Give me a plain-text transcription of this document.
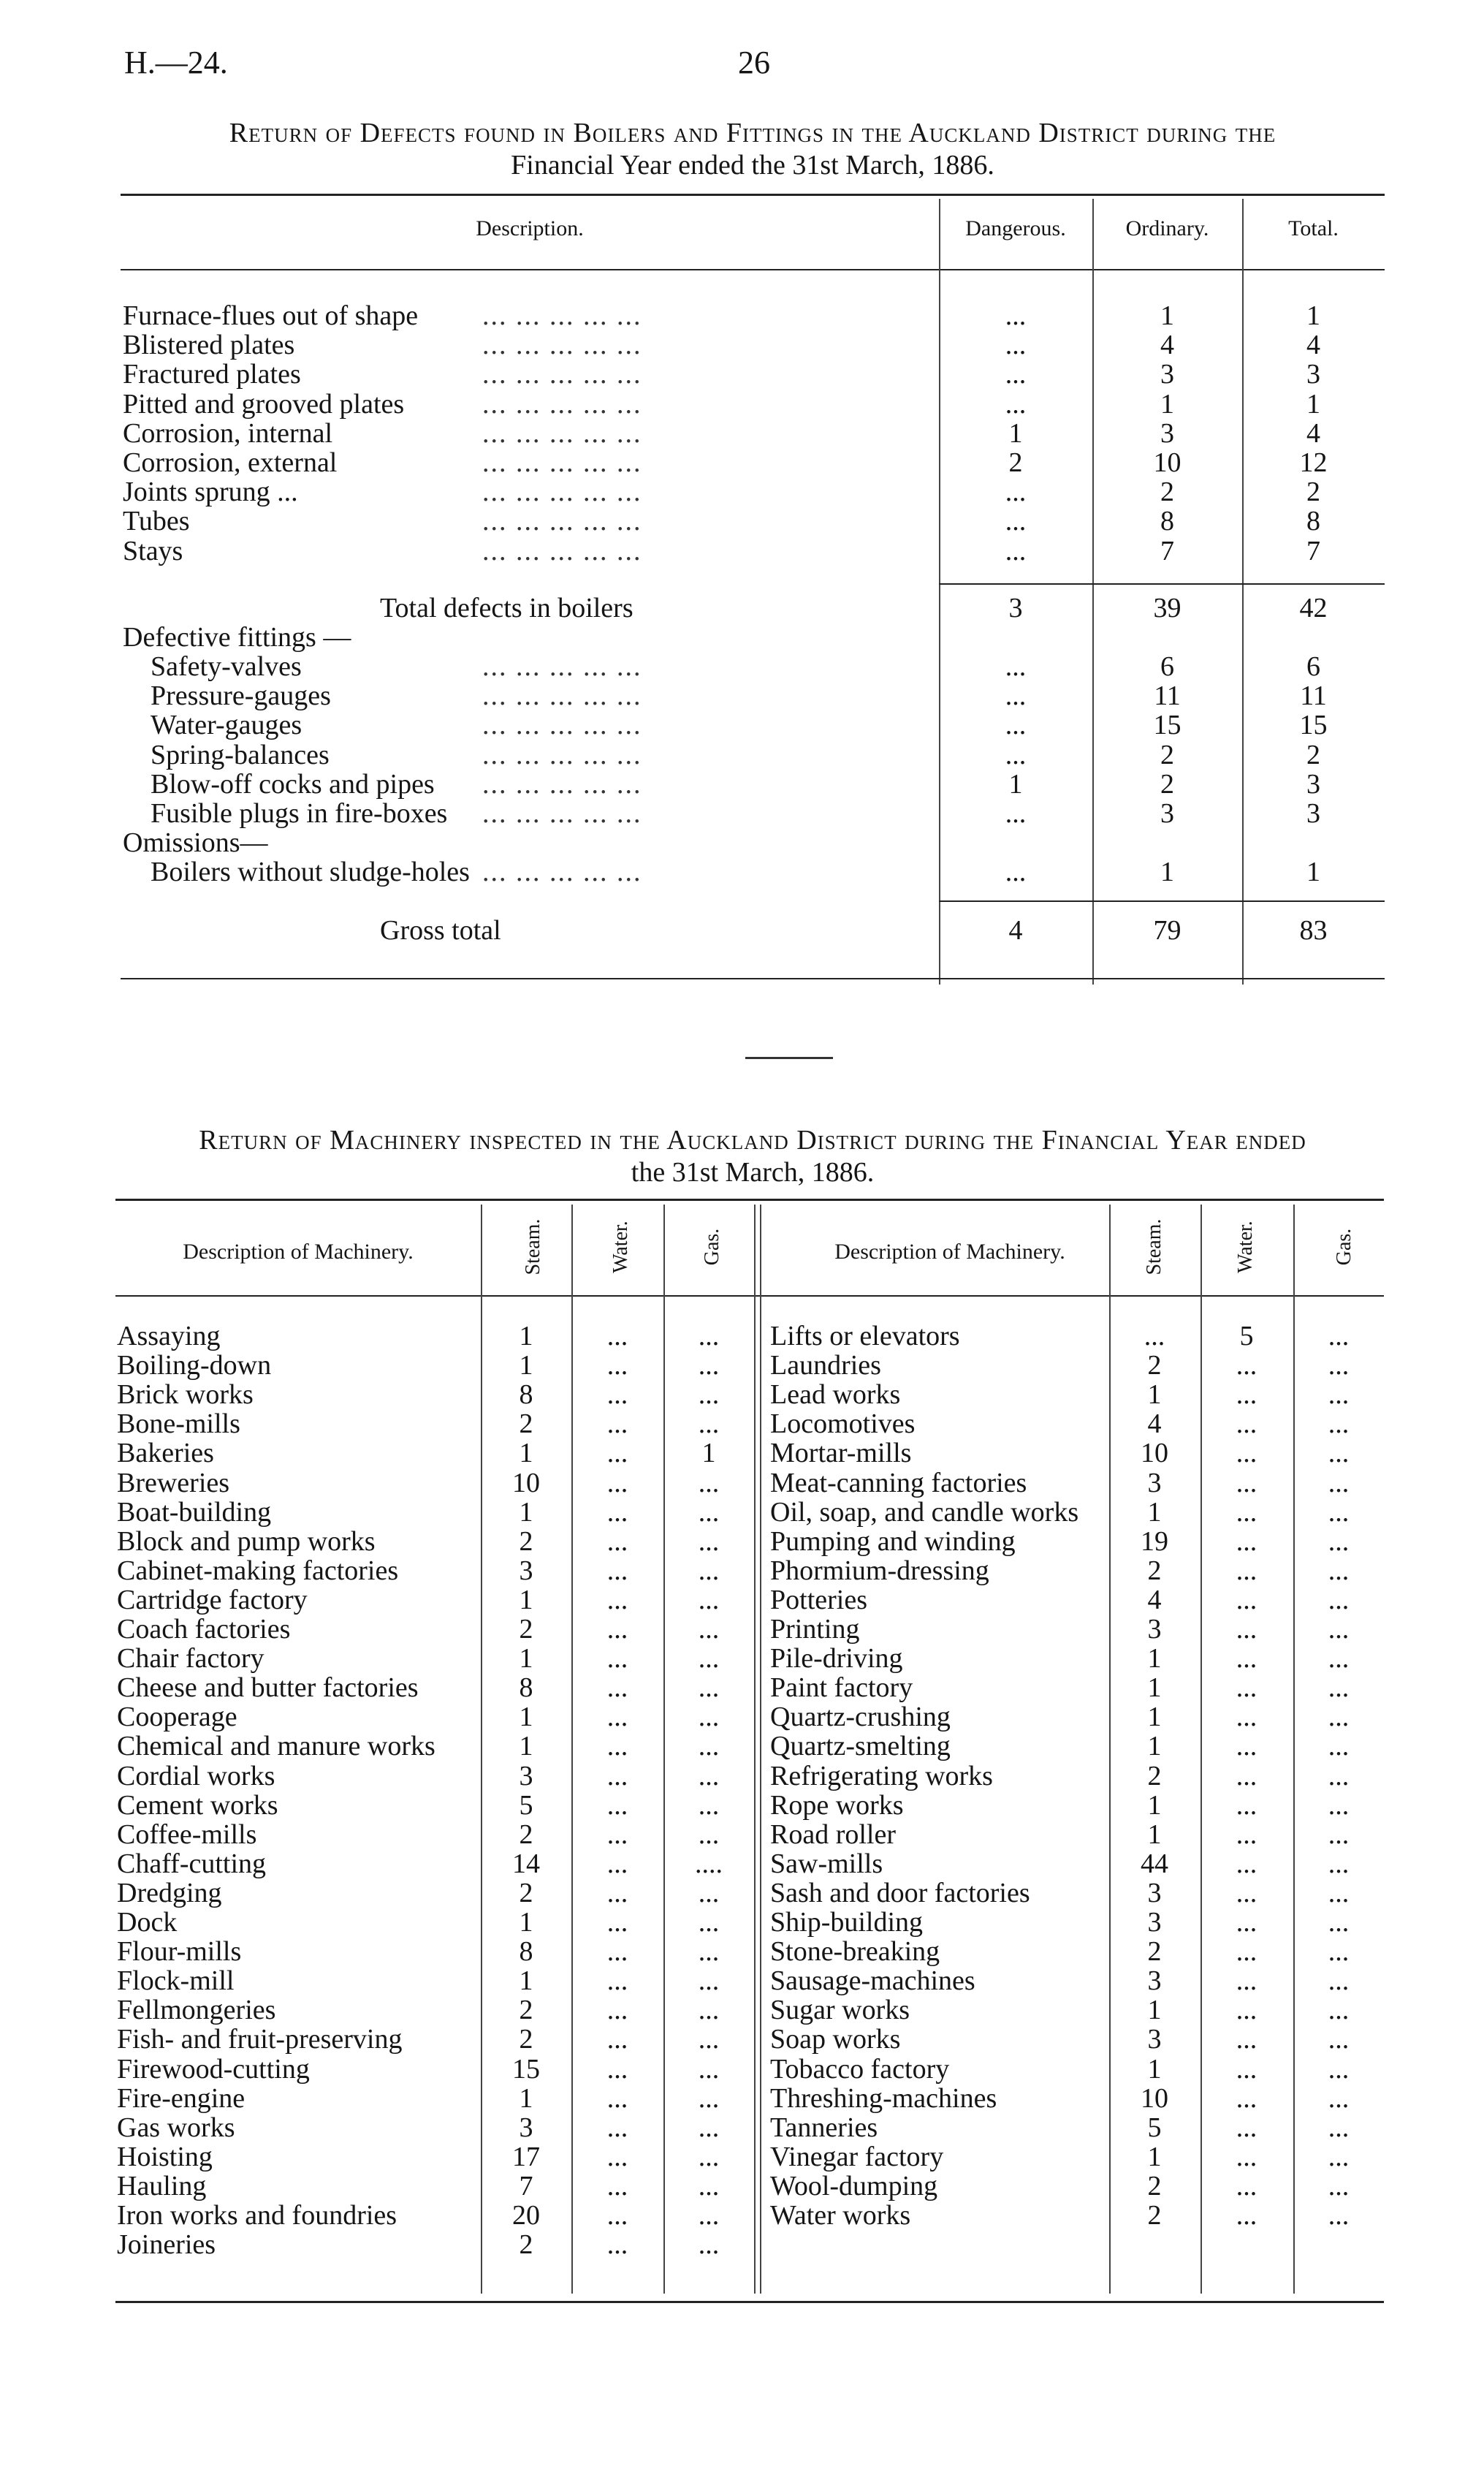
H.—24.	26
Return of Defects found in Boilers and Fittings in the Auckland District during the
Financial Year ended the 31st March, 1886.
Description.	Dangerous.	Ordinary.	Total.
Furnace-flues out of shape ... ... ... ... ...	...	1	1
Blistered plates	... ... ... ... ...	...	4	4
Fractured plates	... ... ... ... ...	...	3	3
Pitted and grooved plates	... ... ... ... ...	...	1	1
Corrosion, internal	... ... ... ... ...	1	3	4
Corrosion, external	... ... ... ... ...	2	10	12
Joints sprung ...	... ... ... ... ...	...	2	2
Tubes	... ... ... ... ...	...	8	8
Stays	... ... ... ... ...	...	7	7
Total defects in boilers	3	39	42
Defective fittings —
Safety-valves	... ... ... ... ...	...	6	6
Pressure-gauges	... ... ... ... ...	...	11	11
Water-gauges	... ... ... ... ...	...	15	15
Spring-balances	... ... ... ... ...	...	2	2
Blow-off cocks and pipes ... ... ... ... ...	1	2	3
Fusible plugs in fire-boxes ... ... ... ... ...	...	3	3
Omissions—
Boilers without sludge-holes ... ... ... ... ...	...	1	1
Gross total	4	79	83
Return of Machinery inspected in the Auckland District during the Financial Year ended
the 31st March, 1886.
Description of Machinery.	Steam.	Water.	Gas.	Description of Machinery.	Steam.	Water.	Gas.
Assaying	1	...	...
Boiling-down	1	...	...
Brick works	8	...	...
Bone-mills	2	...	...
Bakeries	1	...	1
Breweries	10	...	...
Boat-building	1	...	...
Block and pump works	2	...	...
Cabinet-making factories	3	...	...
Cartridge factory	1	...	...
Coach factories	2	...	...
Chair factory	1	...	...
Cheese and butter factories	8	...	...
Cooperage	1	...	...
Chemical and manure works	1	...	...
Cordial works	3	...	...
Cement works	5	...	...
Coffee-mills	2	...	...
Chaff-cutting	14	...	....
Dredging	2	...	...
Dock	1	...	...
Flour-mills	8	...	...
Flock-mill	1	...	...
Fellmongeries	2	...	...
Fish- and fruit-preserving	2	...	...
Firewood-cutting	15	...	...
Fire-engine	1	...	...
Gas works	3	...	...
Hoisting	17	...	...
Hauling	7	...	...
Iron works and foundries	20	...	...
Joineries	2	...	...
Lifts or elevators	...	5	...
Laundries	2	...	...
Lead works	1	...	...
Locomotives	4	...	...
Mortar-mills	10	...	...
Meat-canning factories	3	...	...
Oil, soap, and candle works	1	...	...
Pumping and winding	19	...	...
Phormium-dressing	2	...	...
Potteries	4	...	...
Printing	3	...	...
Pile-driving	1	...	...
Paint factory	1	...	...
Quartz-crushing	1	...	...
Quartz-smelting	1	...	...
Refrigerating works	2	...	...
Rope works	1	...	...
Road roller	1	...	...
Saw-mills	44	...	...
Sash and door factories	3	...	...
Ship-building	3	...	...
Stone-breaking	2	...	...
Sausage-machines	3	...	...
Sugar works	1	...	...
Soap works	3	...	...
Tobacco factory	1	...	...
Threshing-machines	10	...	...
Tanneries	5	...	...
Vinegar factory	1	...	...
Wool-dumping	2	...	...
Water works	2	...	...
